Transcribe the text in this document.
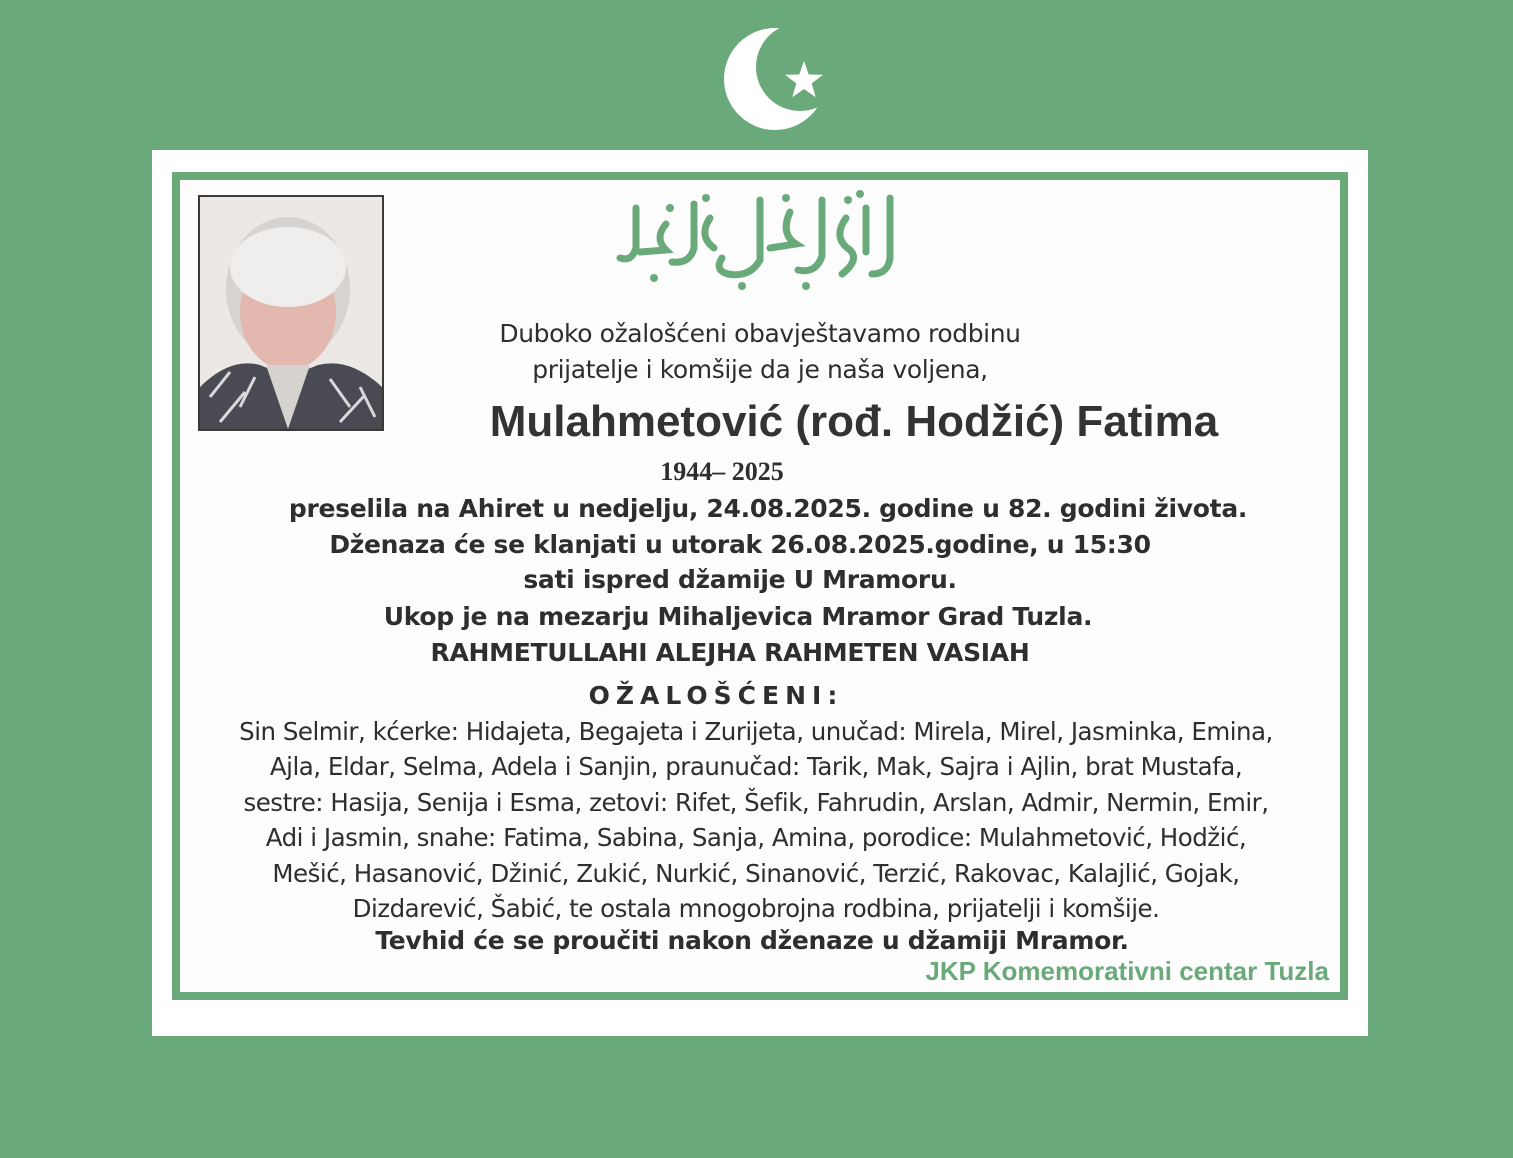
Duboko ožalošćeni obavještavamo rodbinu
prijatelje i komšije da je naša voljena,
Mulahmetović (rođ. Hodžić) Fatima
1944– 2025
preselila na Ahiret u nedjelju, 24.08.2025. godine u 82. godini života.
Dženaza će se klanjati u utorak 26.08.2025.godine, u 15:30
sati ispred džamije U Mramoru.
Ukop je na mezarju Mihaljevica Mramor Grad Tuzla.
RAHMETULLAHI ALEJHA RAHMETEN VASIAH
OŽALOŠĆENI:
Sin Selmir, kćerke: Hidajeta, Begajeta i Zurijeta, unučad: Mirela, Mirel, Jasminka, Emina,
Ajla, Eldar, Selma, Adela i Sanjin, praunučad: Tarik, Mak, Sajra i Ajlin, brat Mustafa,
sestre: Hasija, Senija i Esma, zetovi: Rifet, Šefik, Fahrudin, Arslan, Admir, Nermin, Emir,
Adi i Jasmin, snahe: Fatima, Sabina, Sanja, Amina, porodice: Mulahmetović, Hodžić,
Mešić, Hasanović, Džinić, Zukić, Nurkić, Sinanović, Terzić, Rakovac, Kalajlić, Gojak,
Dizdarević, Šabić, te ostala mnogobrojna rodbina, prijatelji i komšije.
Tevhid će se proučiti nakon dženaze u džamiji Mramor.
JKP Komemorativni centar Tuzla
